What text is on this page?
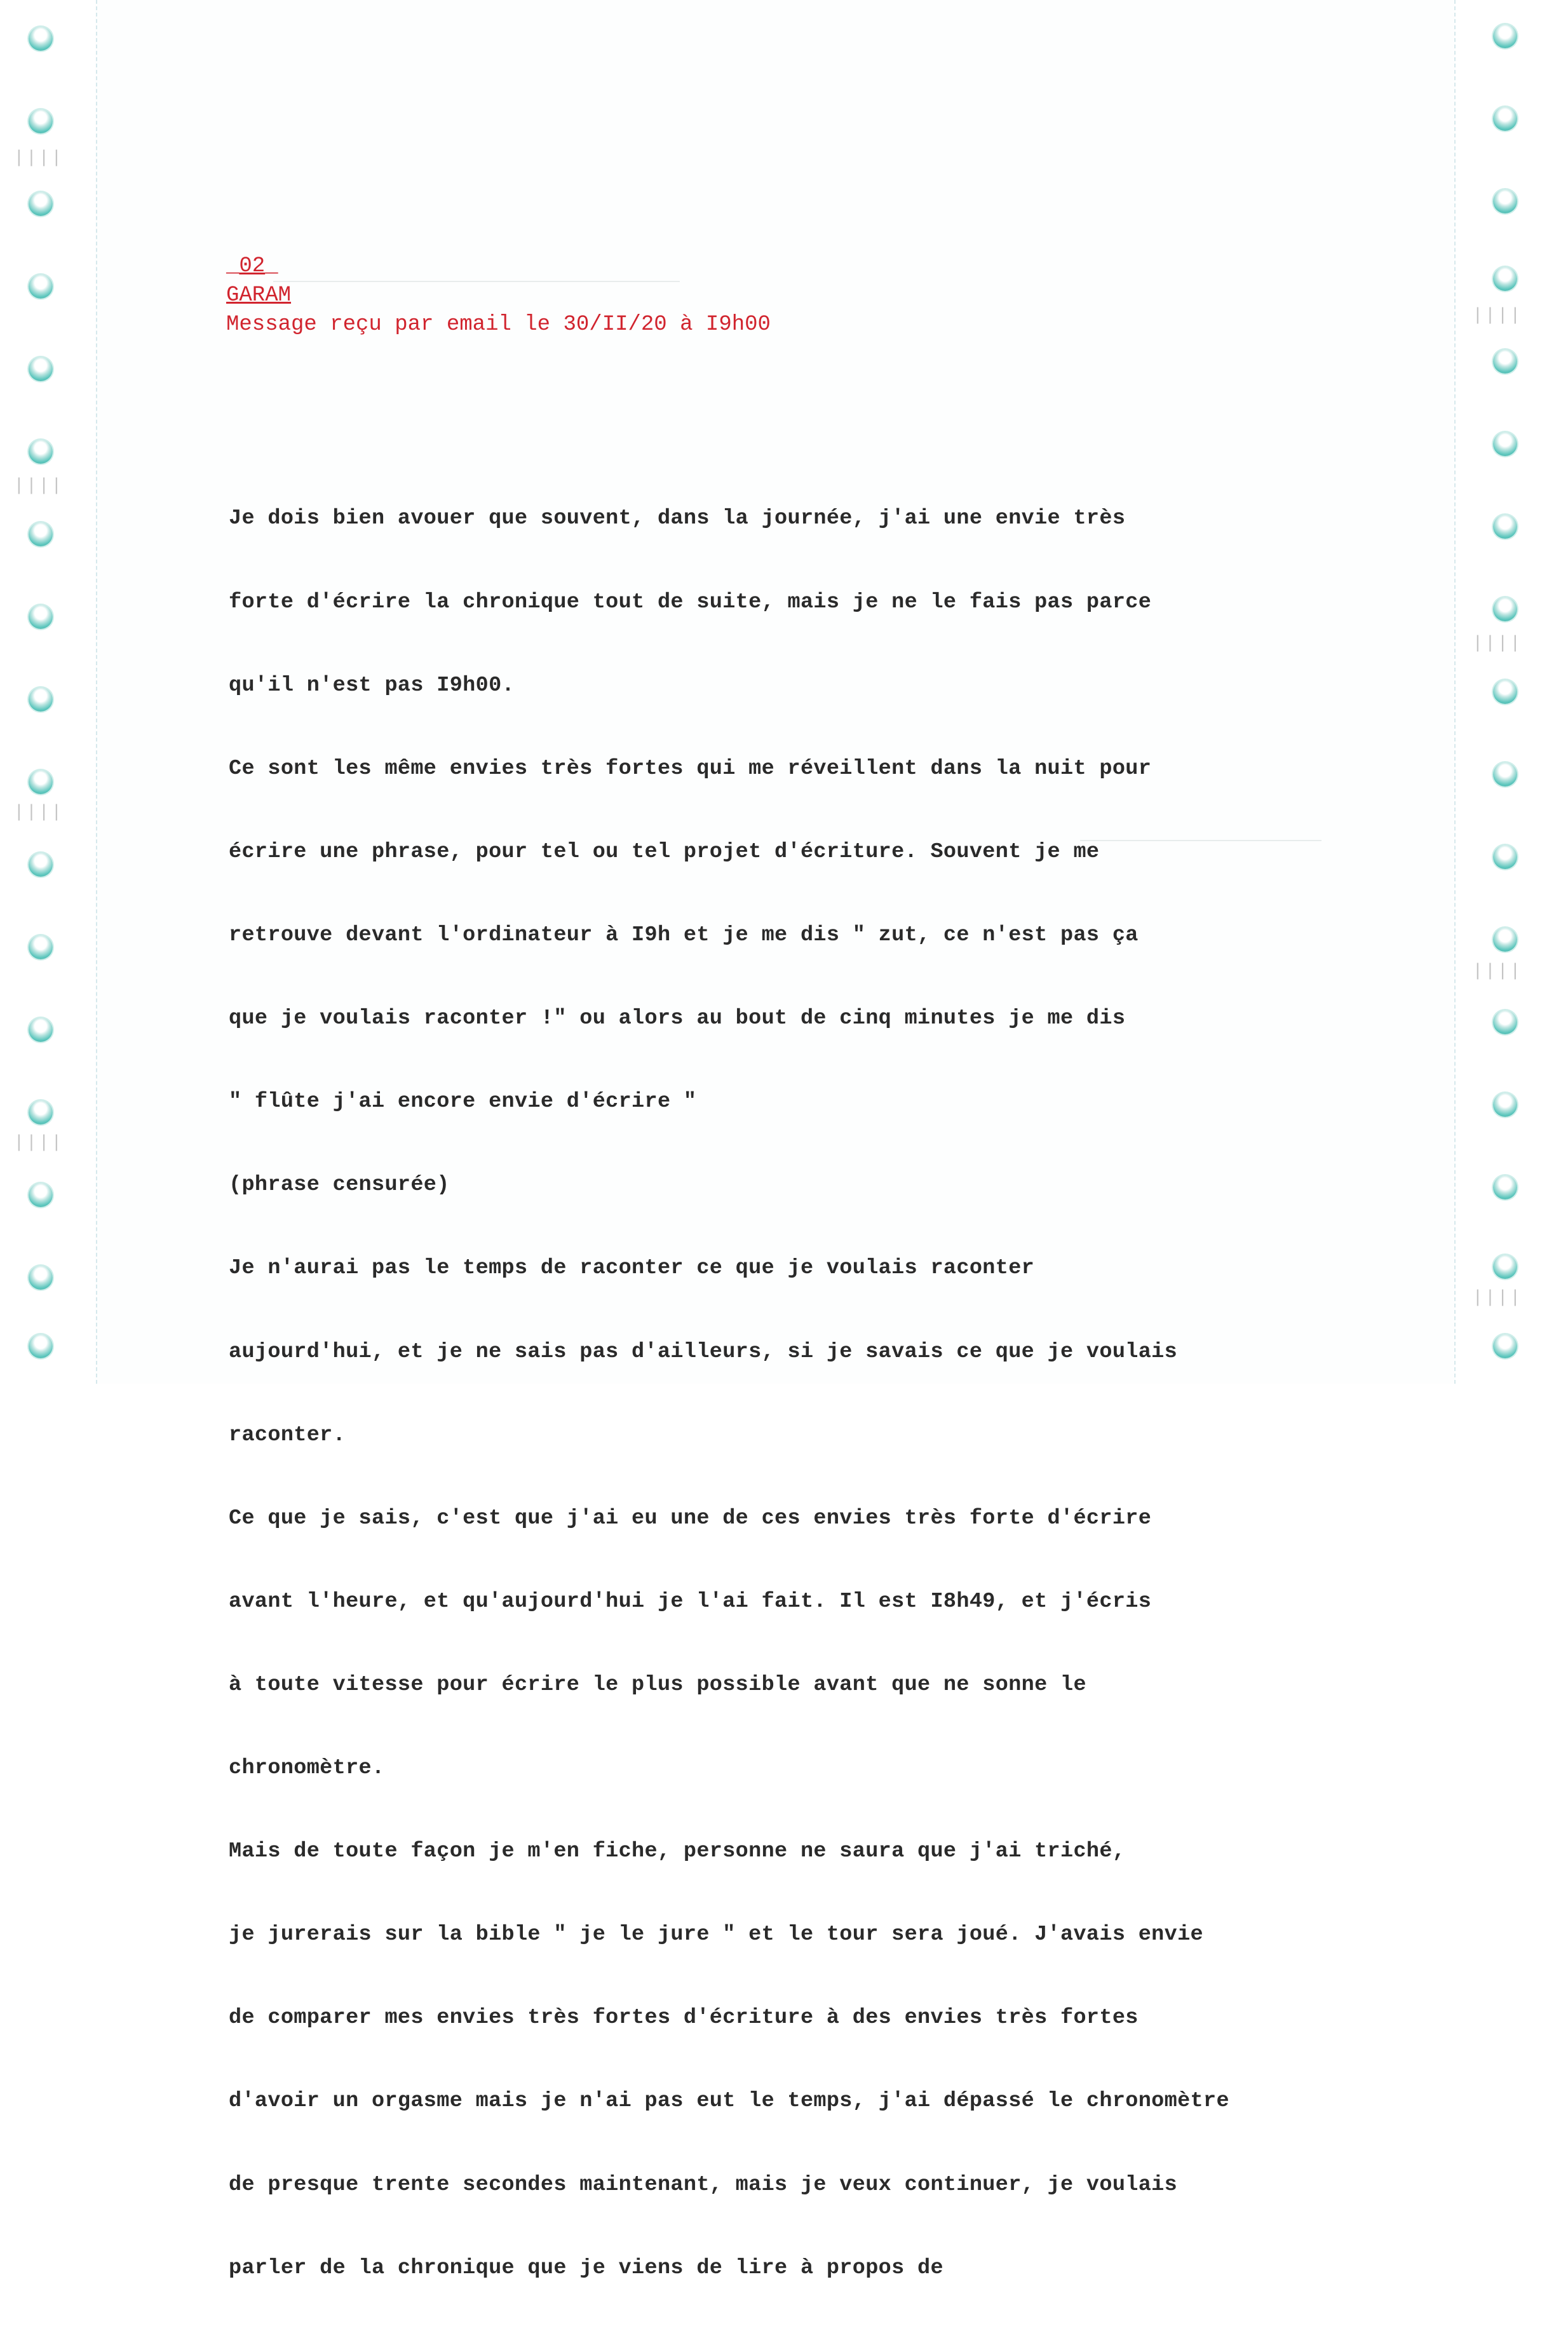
||||
||||
||||
||||
||||
||||
||||
||||
_02_
GARAM
Message reçu par email le 30/II/20 à I9h00

Je dois bien avouer que souvent, dans la journée, j'ai une envie très

forte d'écrire la chronique tout de suite, mais je ne le fais pas parce

qu'il n'est pas I9h00.

Ce sont les même envies très fortes qui me réveillent dans la nuit pour

écrire une phrase, pour tel ou tel projet d'écriture. Souvent je me

retrouve devant l'ordinateur à I9h et je me dis " zut, ce n'est pas ça

que je voulais raconter !" ou alors au bout de cinq minutes je me dis

" flûte j'ai encore envie d'écrire "

(phrase censurée)

Je n'aurai pas le temps de raconter ce que je voulais raconter

aujourd'hui, et je ne sais pas d'ailleurs, si je savais ce que je voulais

raconter.

Ce que je sais, c'est que j'ai eu une de ces envies très forte d'écrire

avant l'heure, et qu'aujourd'hui je l'ai fait. Il est I8h49, et j'écris

à toute vitesse pour écrire le plus possible avant que ne sonne le

chronomètre.

Mais de toute façon je m'en fiche, personne ne saura que j'ai triché,

je jurerais sur la bible " je le jure " et le tour sera joué. J'avais envie

de comparer mes envies très fortes d'écriture à des envies très fortes

d'avoir un orgasme mais je n'ai pas eut le temps, j'ai dépassé le chronomètre

de presque trente secondes maintenant, mais je veux continuer, je voulais

parler de la chronique que je viens de lire à propos de
